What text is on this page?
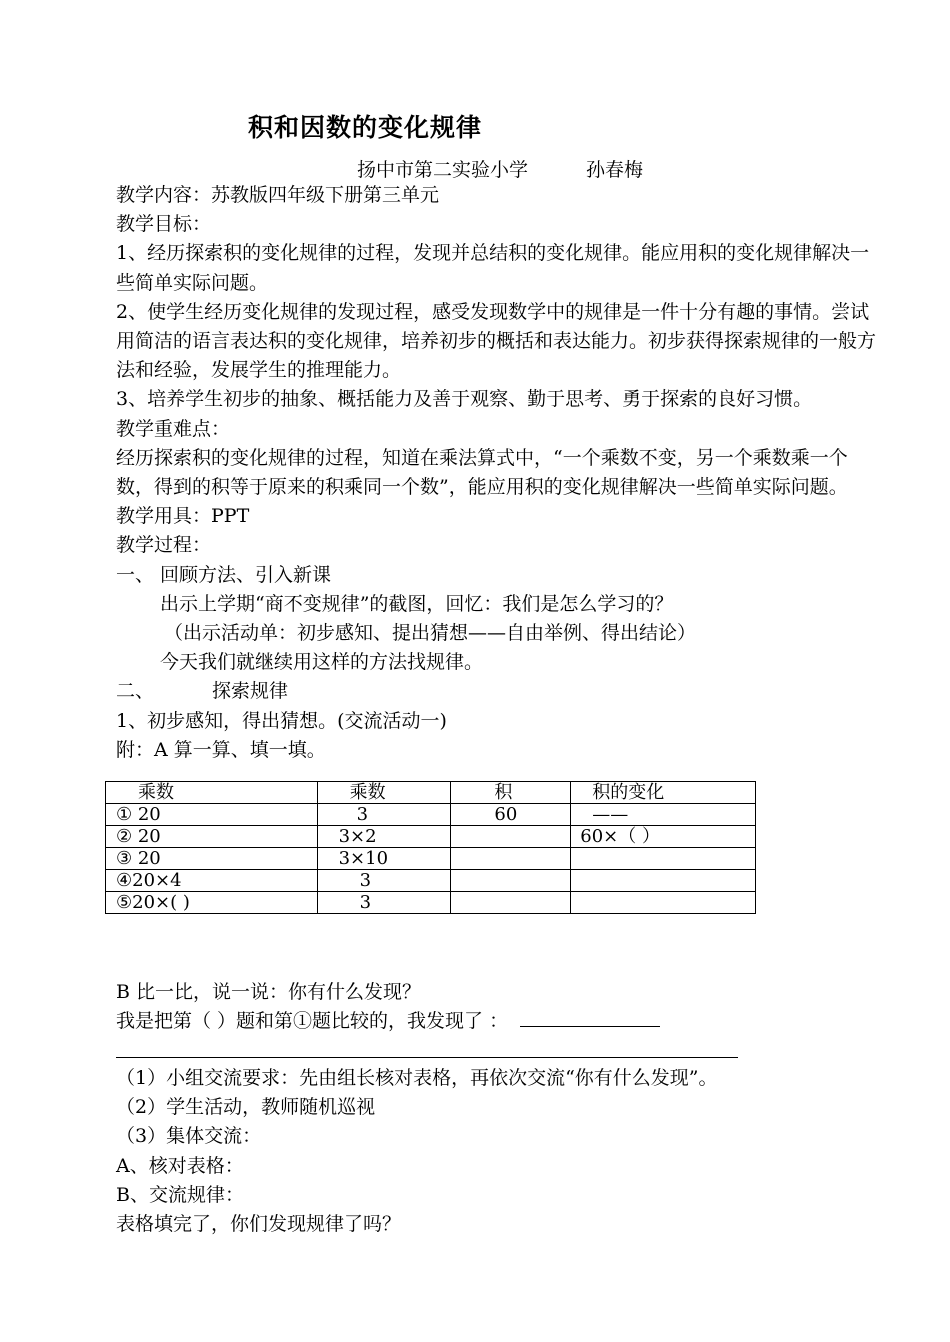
积和因数的变化规律
扬中市第二实验小学	孙春梅

教学内容：苏教版四年级下册第三单元

教学目标：

1、经历探索积的变化规律的过程，发现并总结积的变化规律。能应用积的变化规律解决一些简单实际问题。

2、使学生经历变化规律的发现过程，感受发现数学中的规律是一件十分有趣的事情。尝试用简洁的语言表达积的变化规律，培养初步的概括和表达能力。初步获得探索规律的一般方法和经验，发展学生的推理能力。

3、培养学生初步的抽象、概括能力及善于观察、勤于思考、勇于探索的良好习惯。

教学重难点：

经历探索积的变化规律的过程，知道在乘法算式中，“一个乘数不变，另一个乘数乘一个数，得到的积等于原来的积乘同一个数”，能应用积的变化规律解决一些简单实际问题。

教学用具：PPT

教学过程：

一、 回顾方法、引入新课

出示上学期“商不变规律”的截图，回忆：我们是怎么学习的？

（出示活动单：初步感知、提出猜想——自由举例、得出结论）

今天我们就继续用这样的方法找规律。

二、	探索规律

1、初步感知，得出猜想。(交流活动一)

附：A 算一算、填一填。

乘数	乘数	积	积的变化
① 20	3	60	——
② 20	3×2		60×（ ）
③ 20	3×10		
④20×4	3		
⑤20×( )	3		

B 比一比，说一说：你有什么发现？

我是把第（ ）题和第①题比较的，我发现了 ：

（1）小组交流要求：先由组长核对表格，再依次交流“你有什么发现”。

（2）学生活动，教师随机巡视

（3）集体交流：

A、核对表格：

B、交流规律：

表格填完了，你们发现规律了吗？
